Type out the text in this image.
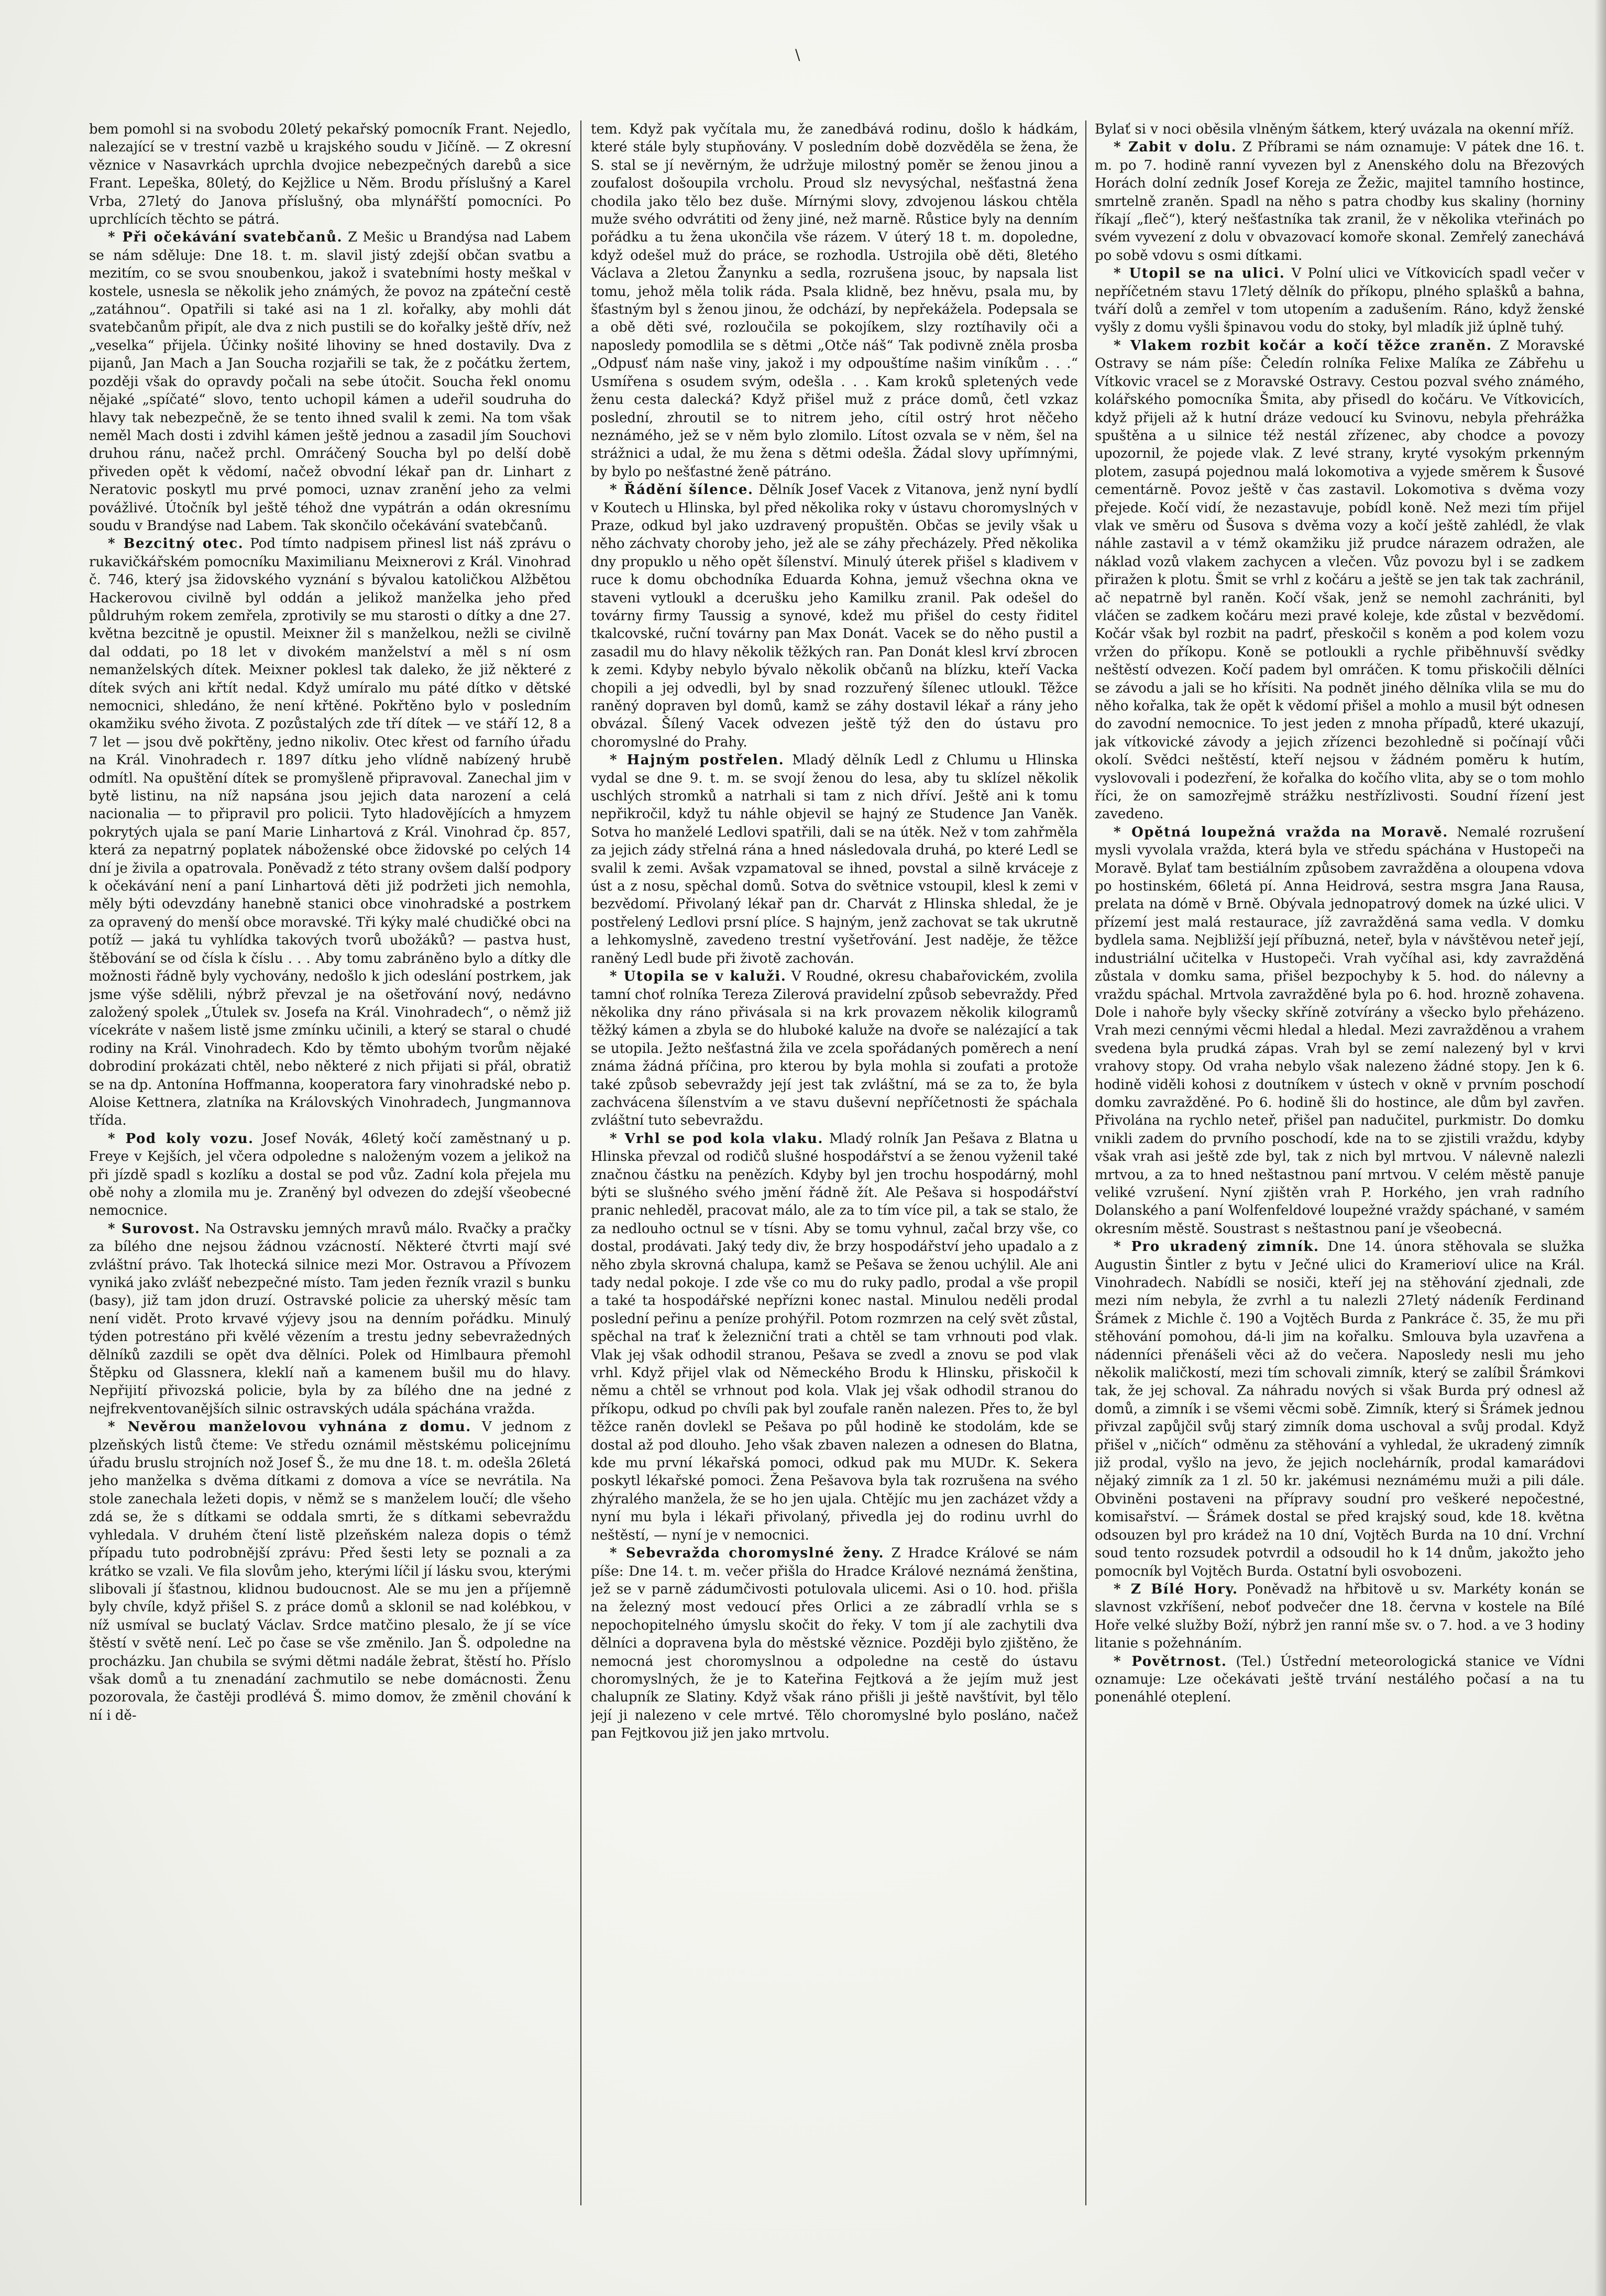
\

bem pomohl si na svobodu 20letý pekařský pomocník Frant. Nejedlo, nalezající se v trestní vazbě u krajského soudu v Jičíně. — Z okresní věznice v Nasavrkách uprchla dvojice nebezpečných darebů a sice Frant. Lepeška, 80letý, do Kejžlice u Něm. Brodu příslušný a Karel Vrba, 27letý do Janova příslušný, oba mlynářští pomocníci. Po uprchlících těchto se pátrá.

* Při očekávání svatebčanů. Z Mešic u Brandýsa nad Labem se nám sděluje: Dne 18. t. m. slavil jistý zdejší občan svatbu a mezitím, co se svou snoubenkou, jakož i svatebními hosty meškal v kostele, usnesla se několik jeho známých, že povoz na zpáteční cestě „zatáhnou“. Opatřili si také asi na 1 zl. kořalky, aby mohli dát svatebčanům připít, ale dva z nich pustili se do kořalky ještě dřív, než „veselka“ přijela. Účinky nošité lihoviny se hned dostavily. Dva z pijanů, Jan Mach a Jan Soucha rozjařili se tak, že z počátku žertem, později však do opravdy počali na sebe útočit. Soucha řekl onomu nějaké „spíčaté“ slovo, tento uchopil kámen a udeřil soudruha do hlavy tak nebezpečně, že se tento ihned svalil k zemi. Na tom však neměl Mach dosti i zdvihl kámen ještě jednou a zasadil jím Souchovi druhou ránu, načež prchl. Omráčený Soucha byl po delší době přiveden opět k vědomí, načež obvodní lékař pan dr. Linhart z Neratovic poskytl mu prvé pomoci, uznav zranění jeho za velmi povážlivé. Útočník byl ještě téhož dne vypátrán a odán okresnímu soudu v Brandýse nad Labem. Tak skončilo očekávání svatebčanů.

* Bezcitný otec. Pod tímto nadpisem přinesl list náš zprávu o rukavičkářském pomocníku Maximilianu Meixnerovi z Král. Vinohrad č. 746, který jsa židovského vyznání s bývalou katoličkou Alžbětou Hackerovou civilně byl oddán a jelikož manželka jeho před půldruhým rokem zemřela, zprotivily se mu starosti o dítky a dne 27. května bezcitně je opustil. Meixner žil s manželkou, nežli se civilně dal oddati, po 18 let v divokém manželství a měl s ní osm nemanželských dítek. Meixner poklesl tak daleko, že již některé z dítek svých ani křtít nedal. Když umíralo mu páté dítko v dětské nemocnici, shledáno, že není křtěné. Pokřtěno bylo v posledním okamžiku svého života. Z pozůstalých zde tří dítek — ve stáří 12, 8 a 7 let — jsou dvě pokřtěny, jedno nikoliv. Otec křest od farního úřadu na Král. Vinohradech r. 1897 dítku jeho vlídně nabízený hrubě odmítl. Na opuštění dítek se promyšleně připravoval. Zanechal jim v bytě listinu, na níž napsána jsou jejich data narození a celá nacionalia — to připravil pro policii. Tyto hladovějících a hmyzem pokrytých ujala se paní Marie Linhartová z Král. Vinohrad čp. 857, která za nepatrný poplatek náboženské obce židovské po celých 14 dní je živila a opatrovala. Poněvadž z této strany ovšem další podpory k očekávání není a paní Linhartová děti již podržeti jich nemohla, měly býti odevzdány hanebně stanici obce vinohradské a postrkem za opravený do menší obce moravské. Tři kýky malé chudičké obci na potíž — jaká tu vyhlídka takových tvorů ubožáků? — pastva hust, štěbování se od čísla k číslu . . . Aby tomu zabráněno bylo a dítky dle možnosti řádně byly vychovány, nedošlo k jich odeslání postrkem, jak jsme výše sdělili, nýbrž převzal je na ošetřování nový, nedávno založený spolek „Útulek sv. Josefa na Král. Vinohradech“, o němž již vícekráte v našem listě jsme zmínku učinili, a který se staral o chudé rodiny na Král. Vinohradech. Kdo by těmto ubohým tvorům nějaké dobrodiní prokázati chtěl, nebo některé z nich přijati si přál, obratiž se na dp. Antonína Hoffmanna, kooperatora fary vinohradské nebo p. Aloise Kettnera, zlatníka na Královských Vinohradech, Jungmannova třída.

* Pod koly vozu. Josef Novák, 46letý kočí zaměstnaný u p. Freye v Kejších, jel včera odpoledne s naloženým vozem a jelikož na při jízdě spadl s kozlíku a dostal se pod vůz. Zadní kola přejela mu obě nohy a zlomila mu je. Zraněný byl odvezen do zdejší všeobecné nemocnice.

* Surovost. Na Ostravsku jemných mravů málo. Rvačky a pračky za bílého dne nejsou žádnou vzácností. Některé čtvrti mají své zvláštní právo. Tak lhotecká silnice mezi Mor. Ostravou a Přívozem vyniká jako zvlášť nebezpečné místo. Tam jeden řezník vrazil s bunku (basy), již tam jdon druzí. Ostravské policie za uherský měsíc tam není vidět. Proto krvavé výjevy jsou na denním pořádku. Minulý týden potrestáno při kvělé vězením a trestu jedny sebevražedných dělníků zazdili se opět dva dělníci. Polek od Himlbaura přemohl Štěpku od Glassnera, kleklí naň a kamenem bušil mu do hlavy. Nepřijití přivozská policie, byla by za bílého dne na jedné z nejfrekventovanějších silnic ostravských udála spáchána vražda.

* Nevěrou manželovou vyhnána z domu. V jednom z plzeňských listů čteme: Ve středu oznámil městskému policejnímu úřadu bruslu strojních nož Josef Š., že mu dne 18. t. m. odešla 26letá jeho manželka s dvěma dítkami z domova a více se nevrátila. Na stole zanechala ležeti dopis, v němž se s manželem loučí; dle všeho zdá se, že s dítkami se oddala smrti, že s dítkami sebevraždu vyhledala. V druhém čtení listě plzeňském naleza dopis o témž případu tuto podrobnější zprávu: Před šesti lety se poznali a za krátko se vzali. Ve fila slovům jeho, kterými líčil jí lásku svou, kterými slibovali jí šťastnou, klidnou budoucnost. Ale se mu jen a příjemně byly chvíle, když přišel S. z práce domů a sklonil se nad kolébkou, v níž usmíval se buclatý Václav. Srdce matčino plesalo, že jí se více štěstí v světě není. Leč po čase se vše změnilo. Jan Š. odpoledne na procházku. Jan chubila se svými dětmi nadále žebrat, štěstí ho. Příslo však domů a tu znenadání zachmutilo se nebe domácnosti. Ženu pozorovala, že častěji prodlévá Š. mimo domov, že změnil chování k ní i dě-

tem. Když pak vyčítala mu, že zanedbává rodinu, došlo k hádkám, které stále byly stupňovány. V posledním době dozvěděla se žena, že S. stal se jí nevěrným, že udržuje milostný poměr se ženou jinou a zoufalost došoupila vrcholu. Proud slz nevysýchal, nešťastná žena chodila jako tělo bez duše. Mírnými slovy, zdvojenou láskou chtěla muže svého odvrátiti od ženy jiné, než marně. Růstice byly na denním pořádku a tu žena ukončila vše rázem. V úterý 18 t. m. dopoledne, když odešel muž do práce, se rozhodla. Ustrojila obě děti, 8letého Václava a 2letou Žanynku a sedla, rozrušena jsouc, by napsala list tomu, jehož měla tolik ráda. Psala klidně, bez hněvu, psala mu, by šťastným byl s ženou jinou, že odchází, by nepřekážela. Podepsala se a obě děti své, rozloučila se pokojíkem, slzy roztíhavily oči a naposledy pomodlila se s dětmi „Otče náš“ Tak podivně zněla prosba „Odpusť nám naše viny, jakož i my odpouštíme našim viníkům . . .“ Usmířena s osudem svým, odešla . . . Kam kroků spletených vede ženu cesta dalecká? Když přišel muž z práce domů, četl vzkaz poslední, zhroutil se to nitrem jeho, cítil ostrý hrot něčeho neznámého, jež se v něm bylo zlomilo. Lítost ozvala se v něm, šel na strážnici a udal, že mu žena s dětmi odešla. Žádal slovy upřímnými, by bylo po nešťastné ženě pátráno.

* Řádění šílence. Dělník Josef Vacek z Vitanova, jenž nyní bydlí v Koutech u Hlinska, byl před několika roky v ústavu choromyslných v Praze, odkud byl jako uzdravený propuštěn. Občas se jevily však u něho záchvaty choroby jeho, jež ale se záhy přecházely. Před několika dny propuklo u něho opět šílenství. Minulý úterek přišel s kladivem v ruce k domu obchodníka Eduarda Kohna, jemuž všechna okna ve staveni vytloukl a dcerušku jeho Kamilku zranil. Pak odešel do továrny firmy Taussig a synové, kdež mu přišel do cesty řiditel tkalcovské, ruční továrny pan Max Donát. Vacek se do něho pustil a zasadil mu do hlavy několik těžkých ran. Pan Donát klesl krví zbrocen k zemi. Kdyby nebylo bývalo několik občanů na blízku, kteří Vacka chopili a jej odvedli, byl by snad rozzuřený šílenec utloukl. Těžce raněný dopraven byl domů, kamž se záhy dostavil lékař a rány jeho obvázal. Šílený Vacek odvezen ještě týž den do ústavu pro choromyslné do Prahy.

* Hajným postřelen. Mladý dělník Ledl z Chlumu u Hlinska vydal se dne 9. t. m. se svojí ženou do lesa, aby tu sklízel několik uschlých stromků a natrhali si tam z nich dříví. Ještě ani k tomu nepřikročil, když tu náhle objevil se hajný ze Studence Jan Vaněk. Sotva ho manželé Ledlovi spatřili, dali se na útěk. Než v tom zahřměla za jejich zády střelná rána a hned následovala druhá, po které Ledl se svalil k zemi. Avšak vzpamatoval se ihned, povstal a silně krváceje z úst a z nosu, spěchal domů. Sotva do světnice vstoupil, klesl k zemi v bezvědomí. Přivolaný lékař pan dr. Charvát z Hlinska shledal, že je postřelený Ledlovi prsní plíce. S hajným, jenž zachovat se tak ukrutně a lehkomyslně, zavedeno trestní vyšetřování. Jest naděje, že těžce raněný Ledl bude při životě zachován.

* Utopila se v kaluži. V Roudné, okresu chabařovickém, zvolila tamní choť rolníka Tereza Zilerová pravidelní způsob sebevraždy. Před několika dny ráno přivásala si na krk provazem několik kilogramů těžký kámen a zbyla se do hluboké kaluže na dvoře se nalézající a tak se utopila. Ježto nešťastná žila ve zcela spořádaných poměrech a není známa žádná příčina, pro kterou by byla mohla si zoufati a protože také způsob sebevraždy její jest tak zvláštní, má se za to, že byla zachvácena šílenstvím a ve stavu duševní nepříčetnosti že spáchala zvláštní tuto sebevraždu.

* Vrhl se pod kola vlaku. Mladý rolník Jan Pešava z Blatna u Hlinska převzal od rodičů slušné hospodářství a se ženou vyženil také značnou částku na penězích. Kdyby byl jen trochu hospodárný, mohl býti se slušného svého jmění řádně žít. Ale Pešava si hospodářství pranic nehleděl, pracovat málo, ale za to tím více pil, a tak se stalo, že za nedlouho octnul se v tísni. Aby se tomu vyhnul, začal brzy vše, co dostal, prodávati. Jaký tedy div, že brzy hospodářství jeho upadalo a z něho zbyla skrovná chalupa, kamž se Pešava se ženou uchýlil. Ale ani tady nedal pokoje. I zde vše co mu do ruky padlo, prodal a vše propil a také ta hospodářské nepřízni konec nastal. Minulou neděli prodal poslední peřinu a peníze prohýřil. Potom rozmrzen na celý svět zůstal, spěchal na trať k železniční trati a chtěl se tam vrhnouti pod vlak. Vlak jej však odhodil stranou, Pešava se zvedl a znovu se pod vlak vrhl. Když přijel vlak od Německého Brodu k Hlinsku, přiskočil k němu a chtěl se vrhnout pod kola. Vlak jej však odhodil stranou do příkopu, odkud po chvíli pak byl zoufale raněn nalezen. Přes to, že byl těžce raněn dovlekl se Pešava po půl hodině ke stodolám, kde se dostal až pod dlouho. Jeho však zbaven nalezen a odnesen do Blatna, kde mu první lékařská pomoci, odkud pak mu MUDr. K. Sekera poskytl lékařské pomoci. Žena Pešavova byla tak rozrušena na svého zhýralého manžela, že se ho jen ujala. Chtějíc mu jen zacházet vždy a nyní mu byla i lékaři přivolaný, přivedla jej do rodinu uvrhl do neštěstí, — nyní je v nemocnici.

* Sebevražda choromyslné ženy. Z Hradce Králové se nám píše: Dne 14. t. m. večer přišla do Hradce Králové neznámá ženština, jež se v parně zádumčivosti potulovala ulicemi. Asi o 10. hod. přišla na železný most vedoucí přes Orlici a ze zábradlí vrhla se s nepochopitelného úmyslu skočit do řeky. V tom jí ale zachytili dva dělníci a dopravena byla do městské věznice. Později bylo zjištěno, že nemocná jest choromyslnou a odpoledne na cestě do ústavu choromyslných, že je to Kateřina Fejtková a že jejím muž jest chalupník ze Slatiny. Když však ráno přišli ji ještě navštívit, byl tělo její ji nalezeno v cele mrtvé. Tělo choromyslné bylo posláno, načež pan Fejtkovou již jen jako mrtvolu.

Bylať si v noci oběsila vlněným šátkem, který uvázala na okenní mříž.

* Zabit v dolu. Z Příbrami se nám oznamuje: V pátek dne 16. t. m. po 7. hodině ranní vyvezen byl z Anenského dolu na Březových Horách dolní zedník Josef Koreja ze Žežic, majitel tamního hostince, smrtelně zraněn. Spadl na něho s patra chodby kus skaliny (horniny říkají „fleč“), který nešťastníka tak zranil, že v několika vteřinách po svém vyvezení z dolu v obvazovací komoře skonal. Zemřelý zanechává po sobě vdovu s osmi dítkami.

* Utopil se na ulici. V Polní ulici ve Vítkovicích spadl večer v nepříčetném stavu 17letý dělník do příkopu, plného splašků a bahna, tváří dolů a zemřel v tom utopením a zadušením. Ráno, když ženské vyšly z domu vyšli špinavou vodu do stoky, byl mladík již úplně tuhý.

* Vlakem rozbit kočár a kočí těžce zraněn. Z Moravské Ostravy se nám píše: Čeledín rolníka Felixe Malíka ze Zábřehu u Vítkovic vracel se z Moravské Ostravy. Cestou pozval svého známého, kolářského pomocníka Šmita, aby přisedl do kočáru. Ve Vítkovicích, když přijeli až k hutní dráze vedoucí ku Svinovu, nebyla přehrážka spuštěna a u silnice též nestál zřízenec, aby chodce a povozy upozornil, že pojede vlak. Z levé strany, kryté vysokým prkenným plotem, zasupá pojednou malá lokomotiva a vyjede směrem k Šusové cementárně. Povoz ještě v čas zastavil. Lokomotiva s dvěma vozy přejede. Kočí vidí, že nezastavuje, pobídl koně. Než mezi tím přijel vlak ve směru od Šusova s dvěma vozy a kočí ještě zahlédl, že vlak náhle zastavil a v témž okamžiku již prudce nárazem odražen, ale náklad vozů vlakem zachycen a vlečen. Vůz povozu byl i se zadkem přiražen k plotu. Šmit se vrhl z kočáru a ještě se jen tak tak zachránil, ač nepatrně byl raněn. Kočí však, jenž se nemohl zachrániti, byl vláčen se zadkem kočáru mezi pravé koleje, kde zůstal v bezvědomí. Kočár však byl rozbit na padrť, přeskočil s koněm a pod kolem vozu vržen do příkopu. Koně se potloukli a rychle přiběhnuvší svědky neštěstí odvezen. Kočí padem byl omráčen. K tomu přiskočili dělníci se závodu a jali se ho křísiti. Na podnět jiného dělníka vlila se mu do něho kořalka, tak že opět k vědomí přišel a mohlo a musil být odnesen do zavodní nemocnice. To jest jeden z mnoha případů, které ukazují, jak vítkovické závody a jejich zřízenci bezohledně si počínají vůči okolí. Svědci neštěstí, kteří nejsou v žádném poměru k hutím, vyslovovali i podezření, že kořalka do kočího vlita, aby se o tom mohlo říci, že on samozřejmě strážku nestřízlivosti. Soudní řízení jest zavedeno.

* Opětná loupežná vražda na Moravě. Nemalé rozrušení mysli vyvolala vražda, která byla ve středu spáchána v Hustopeči na Moravě. Bylať tam bestiálním způsobem zavražděna a oloupena vdova po hostinském, 66letá pí. Anna Heidrová, sestra msgra Jana Rausa, prelata na dómě v Brně. Obývala jednopatrový domek na úzké ulici. V přízemí jest malá restaurace, jíž zavražděná sama vedla. V domku bydlela sama. Nejbližší její příbuzná, neteř, byla v návštěvou neteř její, industriální učitelka v Hustopeči. Vrah vyčíhal asi, kdy zavražděná zůstala v domku sama, přišel bezpochyby k 5. hod. do nálevny a vraždu spáchal. Mrtvola zavražděné byla po 6. hod. hrozně zohavena. Dole i nahoře byly všecky skříně zotvírány a všecko bylo přeházeno. Vrah mezi cennými věcmi hledal a hledal. Mezi zavražděnou a vrahem svedena byla prudká zápas. Vrah byl se zemí nalezený byl v krvi vrahovy stopy. Od vraha nebylo však nalezeno žádné stopy. Jen k 6. hodině viděli kohosi z doutníkem v ústech v okně v prvním poschodí domku zavražděné. Po 6. hodině šli do hostince, ale dům byl zavřen. Přivolána na rychlo neteř, přišel pan nadučitel, purkmistr. Do domku vnikli zadem do prvního poschodí, kde na to se zjistili vraždu, kdyby však vrah asi ještě zde byl, tak z nich byl mrtvou. V nálevně nalezli mrtvou, a za to hned neštastnou paní mrtvou. V celém městě panuje veliké vzrušení. Nyní zjištěn vrah P. Horkého, jen vrah radního Dolanského a paní Wolfenfeldové loupežné vraždy spáchané, v samém okresním městě. Soustrast s neštastnou paní je všeobecná.

* Pro ukradený zimník. Dne 14. února stěhovala se služka Augustin Šintler z bytu v Ječné ulici do Kramerioví ulice na Král. Vinohradech. Nabídli se nosiči, kteří jej na stěhování zjednali, zde mezi ním nebyla, že zvrhl a tu nalezli 27letý nádeník Ferdinand Šrámek z Michle č. 190 a Vojtěch Burda z Pankráce č. 35, že mu při stěhování pomohou, dá-li jim na kořalku. Smlouva byla uzavřena a nádenníci přenášeli věci až do večera. Naposledy nesli mu jeho několik maličkostí, mezi tím schovali zimník, který se zalíbil Šrámkovi tak, že jej schoval. Za náhradu nových si však Burda prý odnesl až domů, a zimník i se všemi věcmi sobě. Zimník, který si Šrámek jednou přivzal zapůjčil svůj starý zimník doma uschoval a svůj prodal. Když přišel v „ničích“ odměnu za stěhování a vyhledal, že ukradený zimník již prodal, vyšlo na jevo, že jejich noclehárník, prodal kamarádovi nějaký zimník za 1 zl. 50 kr. jakémusi neznámému muži a pili dále. Obviněni postaveni na přípravy soudní pro veškeré nepočestné, komisařství. — Šrámek dostal se před krajský soud, kde 18. května odsouzen byl pro krádež na 10 dní, Vojtěch Burda na 10 dní. Vrchní soud tento rozsudek potvrdil a odsoudil ho k 14 dnům, jakožto jeho pomocník byl Vojtěch Burda. Ostatní byli osvobozeni.

* Z Bílé Hory. Poněvadž na hřbitově u sv. Markéty konán se slavnost vzkříšení, neboť podvečer dne 18. června v kostele na Bílé Hoře velké služby Boží, nýbrž jen ranní mše sv. o 7. hod. a ve 3 hodiny litanie s požehnáním.

* Povětrnost. (Tel.) Ústřední meteorologická stanice ve Vídni oznamuje: Lze očekávati ještě trvání nestálého počasí a na tu ponenáhlé oteplení.
